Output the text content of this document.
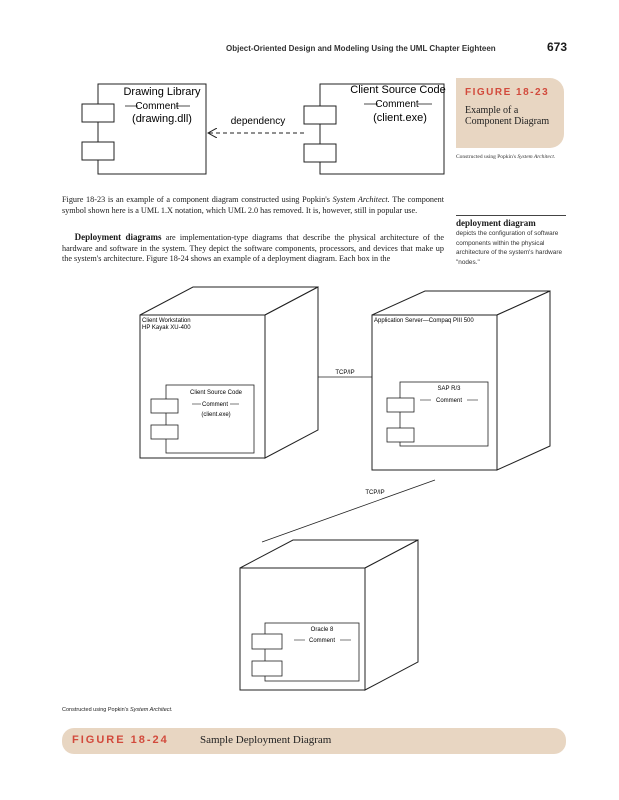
Object-Oriented Design and Modeling Using the UML Chapter Eighteen	673
Drawing Library
Comment
(drawing.dll)
Client Source Code
Comment
(client.exe)
dependency
Client Workstation
HP Kayak XU-400
Client Source Code
Comment
(client.exe)
Application Server—Compaq PIII 500
SAP R/3
Comment
TCP/IP
TCP/IP
Oracle 8
Comment
FIGURE 18-23
Example of a Component Diagram
Constructed using Popkin's System Architect.

Figure 18-23 is an example of a component diagram constructed using Popkin's System Architect. The component symbol shown here is a UML 1.X notation, which UML 2.0 has removed. It is, however, still in popular use.

Deployment diagrams are implementation-type diagrams that describe the physical architecture of the hardware and software in the system. They depict the software components, processors, and devices that make up the system's architecture. Figure 18-24 shows an example of a deployment diagram. Each box in the

deployment diagram
depicts the configuration of software components within the physical architecture of the system's hardware "nodes."
Constructed using Popkin's System Architect.
FIGURE 18-24	Sample Deployment Diagram
